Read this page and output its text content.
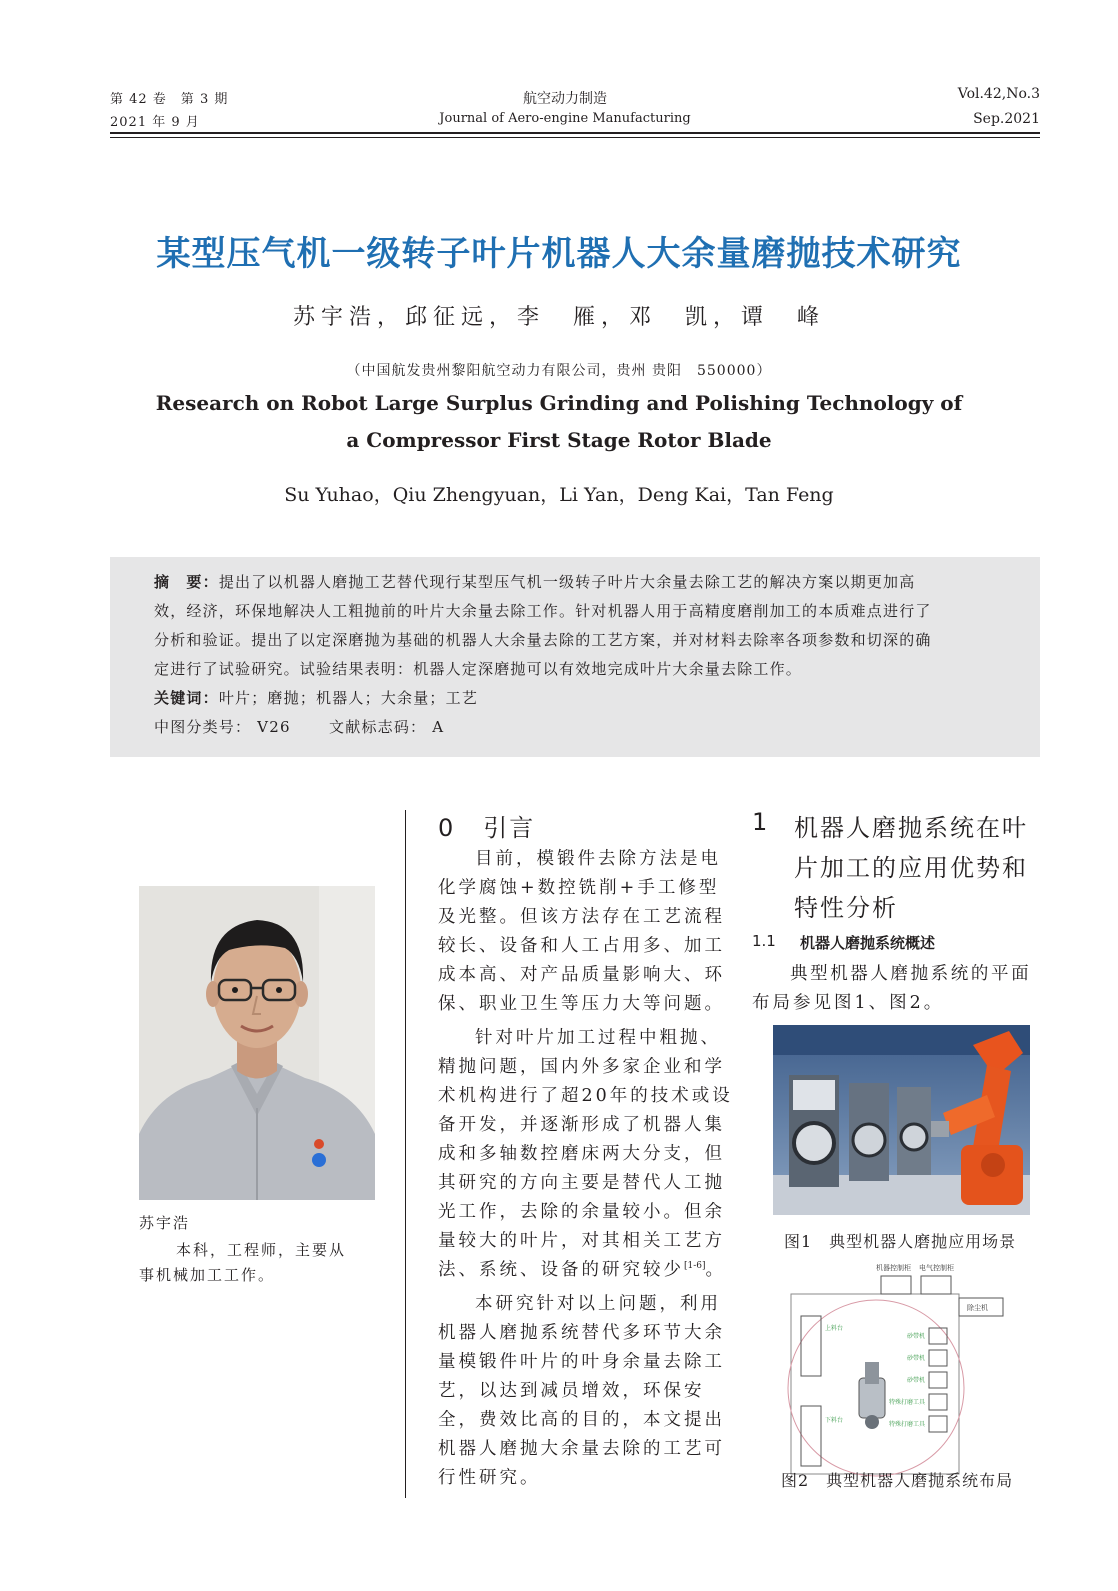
第 42 卷　第 3 期
2021 年 9 月
航空动力制造
Journal of Aero-engine Manufacturing
Vol.42,No.3
Sep.2021
某型压气机一级转子叶片机器人大余量磨抛技术研究
苏宇浩，邱征远，李　雁，邓　凯，谭　峰
（中国航发贵州黎阳航空动力有限公司，贵州 贵阳　550000）
Research on Robot Large Surplus Grinding and Polishing Technology of
a Compressor First Stage Rotor Blade
Su Yuhao，Qiu Zhengyuan，Li Yan，Deng Kai，Tan Feng
摘　要：提出了以机器人磨抛工艺替代现行某型压气机一级转子叶片大余量去除工艺的解决方案以期更加高
效，经济，环保地解决人工粗抛前的叶片大余量去除工作。针对机器人用于高精度磨削加工的本质难点进行了
分析和验证。提出了以定深磨抛为基础的机器人大余量去除的工艺方案，并对材料去除率各项参数和切深的确
定进行了试验研究。试验结果表明：机器人定深磨抛可以有效地完成叶片大余量去除工作。
关键词：叶片；磨抛；机器人；大余量；工艺
中图分类号： V26　　 文献标志码： A
苏宇浩
本科，工程师，主要从
事机械加工工作。
0 引言
目前，模锻件去除方法是电
化学腐蚀+数控铣削+手工修型
及光整。但该方法存在工艺流程
较长、设备和人工占用多、加工
成本高、对产品质量影响大、环
保、职业卫生等压力大等问题。
针对叶片加工过程中粗抛、
精抛问题，国内外多家企业和学
术机构进行了超20年的技术或设
备开发，并逐渐形成了机器人集
成和多轴数控磨床两大分支，但
其研究的方向主要是替代人工抛
光工作，去除的余量较小。但余
量较大的叶片，对其相关工艺方
法、系统、设备的研究较少[1-6]。
本研究针对以上问题，利用
机器人磨抛系统替代多环节大余
量模锻件叶片的叶身余量去除工
艺，以达到减员增效，环保安
全，费效比高的目的，本文提出
机器人磨抛大余量去除的工艺可
行性研究。
1 机器人磨抛系统在叶
片加工的应用优势和
特性分析
1.1 机器人磨抛系统概述
典型机器人磨抛系统的平面
布局参见图1、图2。
图1　典型机器人磨抛应用场景
机器控制柜 电气控制柜
除尘机
上料台
下料台
砂带机
砂带机
砂带机
特殊打磨工具
特殊打磨工具
图2　典型机器人磨抛系统布局
